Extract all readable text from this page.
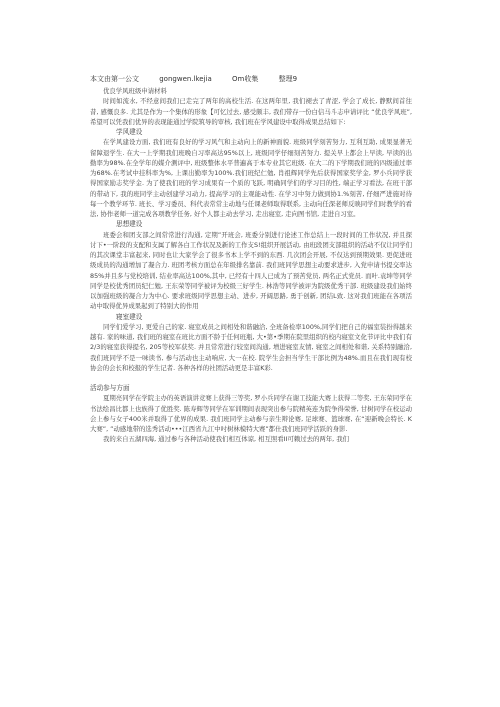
本文由第一公文	gongwen.lkejia	Om收集	整理9

优良学风班级申请材料

时间如流水, 不经意间我们已走完了两年的高校生活. 在这两年里, 我们褪去了青涩, 学会了成长, 静默间首往昔, 感慨良多. 尤其是作为一个集体的形象【可忆过去, 感受颇丰, 我们带存一份白信马斗志申请评比 “优良学风班”, 希望可以凭我们优异的表现能通过学院筑导的审核, 我们班在学风建设中取得成果总结如下:

学风建设

在学风建设方面, 我们班有良好的学习风气和主动向上的新神面貌. 班级同学刻苦努力, 互利互助, 成果显著无留障退学生. 在大一上学期我们班晚自习率高达95%以上, 班级同学仔细刻苦努力. 提关早上都会上早读, 早读的出勤率为98%.在全学年的媒介测评中, 班级整体水平普遍高于本专业其它班级. 在大二的下学期我们班的四级通过率为68%.在考试中挂科率为%, 上课出勤率为100%.我们班纪仁勉, 肖祖辉同学先后获得国家奖学金, 罗小兵同学获得国家励志奖学金. 为了使我们班的学习成果有一个质的飞跃, 明确同学们的学习目的性, 端正学习看法, 在班干部的带动下, 我的班同学主动创建学习动力, 提高学习的主观能动性. 在学习中努力做到协1.%刻苦, 仔细严进施对待每一个教学环节. 班长、学习委员、科代表常常主动地与任课老师取得联系, 主动向任深老师反映同学们时教学的看法, 协作老师一道完成各项教学任务, 好个人都主动去学习, 走出寝室, 走向图书馆, 走进自习室。

思想建设

班委会和团支部之间常常进行沟通, 定期”开班会, 班委分别进行论述工作总结上一段时间的工作状况, 并且探讨下•一阶段的支配和支属了解各白工作状况及新的工作支S!组织开展活动, 由班段团支部组织的活动不仅让同学们的其次课堂丰富起来, 同时也让大家学会了很多书本上学不到的东西. 几次团会开展, 不仅达到预期效果. 更促进班级成员的沟通增加了凝合力. 班团考核方面总在年级排名靠前. 我们班同学思想主动要求进步, 入党申请书提交率达85%并且多与党校培训, 结业率高达100%,其中, 已经有十四人已成为了预苦党员, 两名正式党员. 而叶.袁坤等同学同学是校优秀团员纪仁勉, 王东荣等同学被评为校级三好学生. 林浩等同学被评为院级优秀干部. 班级建设我们始终以加强班级的凝合力为中心. 要求班级同学思想主动、进步, 开阔思路, 勇于创新, 团结L致. 这对我们班能在各项活动中取得优异成果起到了特别大的作用

寝室建设

同学们爱学习, 更爱自己的家. 寝室成员之间相处和谐融洽, 全班备检率100%,同学们把自己的福室装扮得越来越有. 家的味道, 我们班的寝室在班比方面不龄于任何班瓶, 大•第•季期在院里组织的校内寝室文化节评比中我们有2/3的寝室获得提名, 205等校军获奖. 并且常常进行较室间沟通, 增进寝室友情, 寝室之间相处和谐, 关系特别融洽, 我们班同学不是一味读书, 参与活动也主动响应, 大一在校. 院学生会担当学生干部比例为48%.而且在我们现有校协会的会长和校报的学生记者. 各种各样的社团活动更是丰富K彩.

活动参与方面

夏期亮同学在学院主办的英语演讲竞赛上获得三等奖, 罗小兵同学在谢工技能大赛上获得二等奖, 王东荣同学在书法绘昌比都上也族得了优胜奖. 陈寿辉等同学在军训期间表现突出参与院精英连为院争得荣誉, 甘树同学在校运动会上参与女子400米并取得了优界的成果. 我们班同学主动参与亲生辩论赛, 足球赛、篮球赛, 在“迎新晚会特长. K大赛”, ”动感地带的选秀活动•••江西省九江中吋树林模特大赛”都仕我们班同学活跃的身影.

我的来自五湖四海, 通过参与各种活动使我们相互体谅, 相互照看II可赖过去的两年, 我们
